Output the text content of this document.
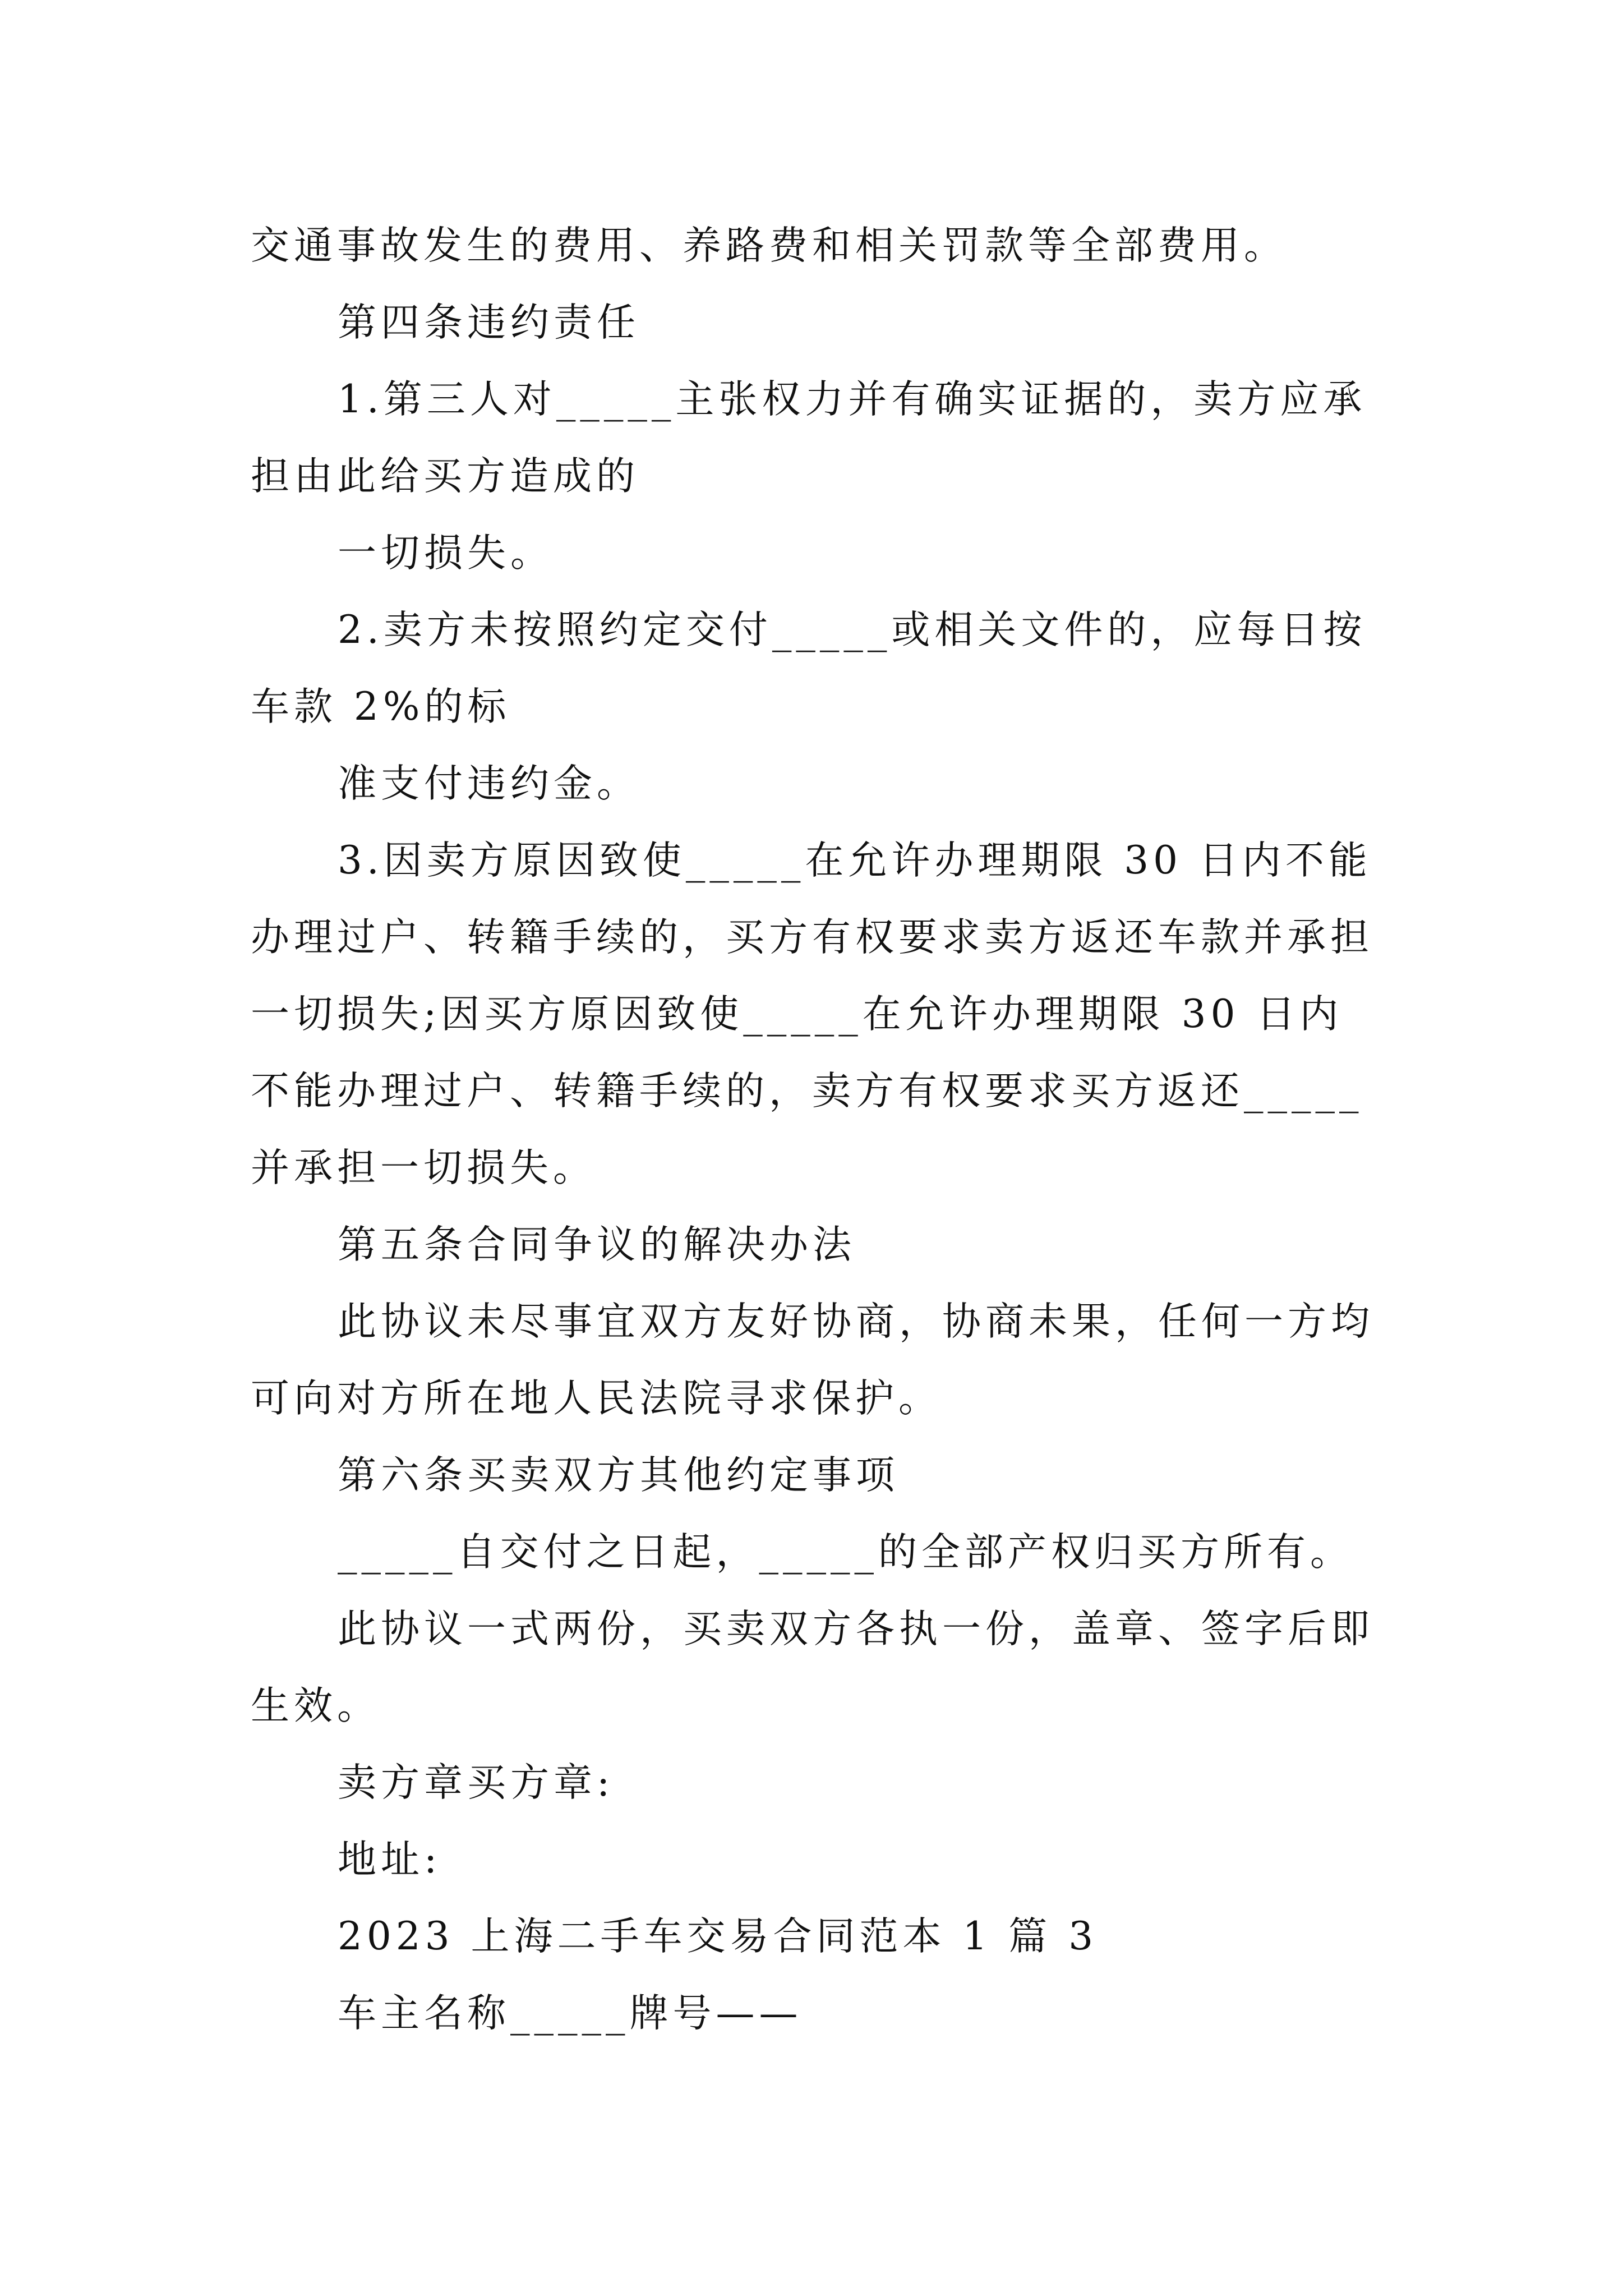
交通事故发生的费用、养路费和相关罚款等全部费用。

第四条违约责任

1.第三人对_____主张权力并有确实证据的，卖方应承担由此给买方造成的

一切损失。

2.卖方未按照约定交付_____或相关文件的，应每日按车款 2%的标

准支付违约金。

3.因卖方原因致使_____在允许办理期限 30 日内不能办理过户、转籍手续的，买方有权要求卖方返还车款并承担一切损失;因买方原因致使_____在允许办理期限 30 日内不能办理过户、转籍手续的，卖方有权要求买方返还_____并承担一切损失。

第五条合同争议的解决办法

此协议未尽事宜双方友好协商，协商未果，任何一方均可向对方所在地人民法院寻求保护。

第六条买卖双方其他约定事项

_____自交付之日起，_____的全部产权归买方所有。

此协议一式两份，买卖双方各执一份，盖章、签字后即生效。

卖方章买方章:

地址:

2023 上海二手车交易合同范本 1 篇 3

车主名称_____牌号——
